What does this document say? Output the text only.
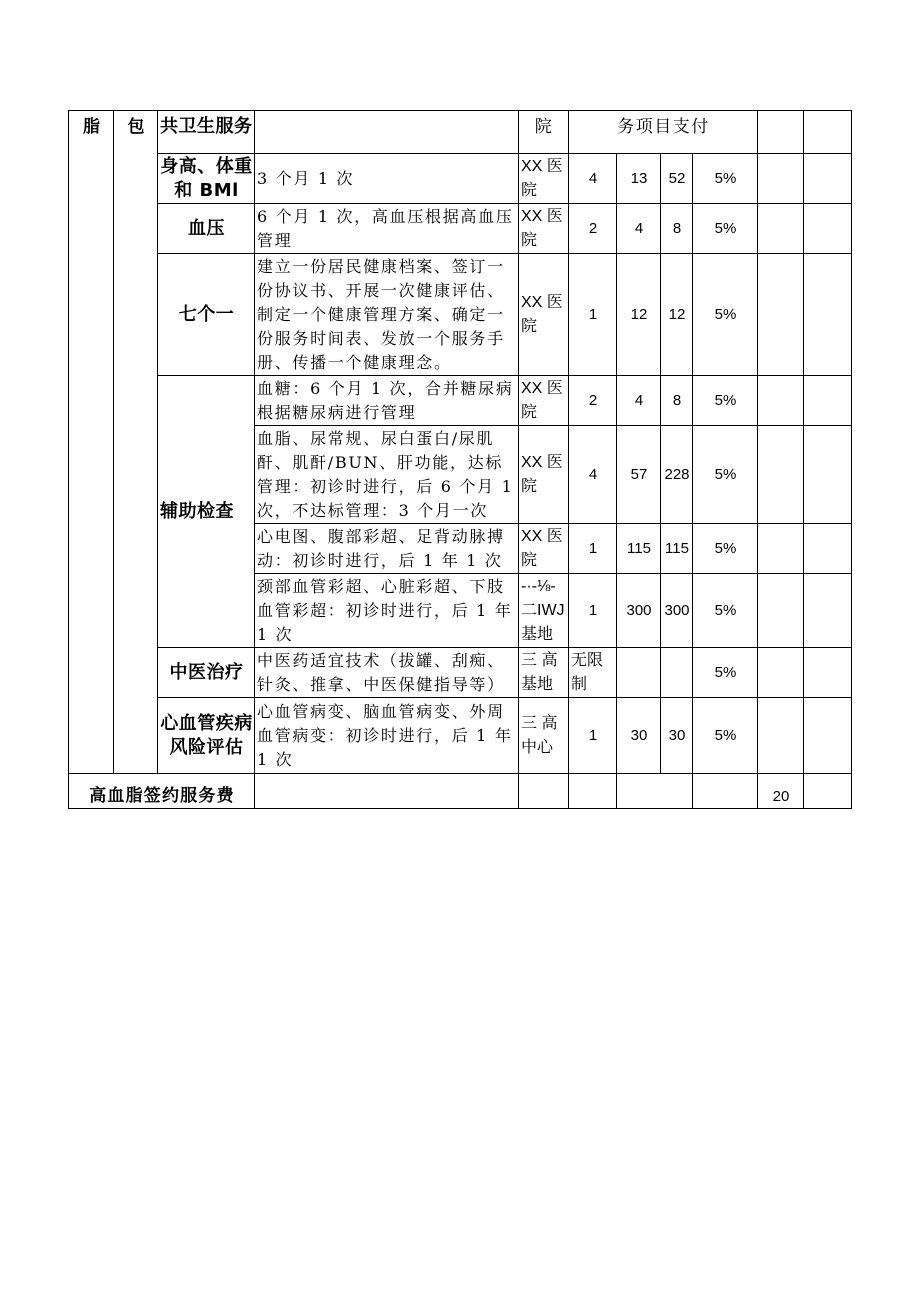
脂	包	共卫生服务		院	务项目支付					
		身高、体重和 BMl	3 个月 1 次	XX 医院	4	13	52	5%		
		血压	6 个月 1 次，高血压根据高血压管理	XX 医院	2	4	8	5%		
		七个一	建立一份居民健康档案、签订一份协议书、开展一次健康评估、制定一个健康管理方案、确定一份服务时间表、发放一个服务手册、传播一个健康理念。	XX 医院	1	12	12	5%		
		辅助检查	血糖：6 个月 1 次，合并糖尿病根据糖尿病进行管理	XX 医院	2	4	8	5%		
			血脂、尿常规、尿白蛋白/尿肌酐、肌酐/BUN、肝功能，达标管理：初诊时进行，后 6 个月 1 次，不达标管理：3 个月一次	XX 医院	4	57	228	5%		
			心电图、腹部彩超、足背动脉搏动：初诊时进行，后 1 年 1 次	XX 医院	1	115	115	5%		
			颈部血管彩超、心脏彩超、下肢血管彩超：初诊时进行，后 1 年 1 次	-·-⅛-二IWJ基地	1	300	300	5%		
		中医治疗	中医药适宜技术（拔罐、刮痴、针灸、推拿、中医保健指导等）	三 高基地	无限制			5%		
		心血管疾病风险评估	心血管病变、脑血管病变、外周血管病变：初诊时进行，后 1 年 1 次	三 高中心	1	30	30	5%		
高血脂签约服务费									20	
